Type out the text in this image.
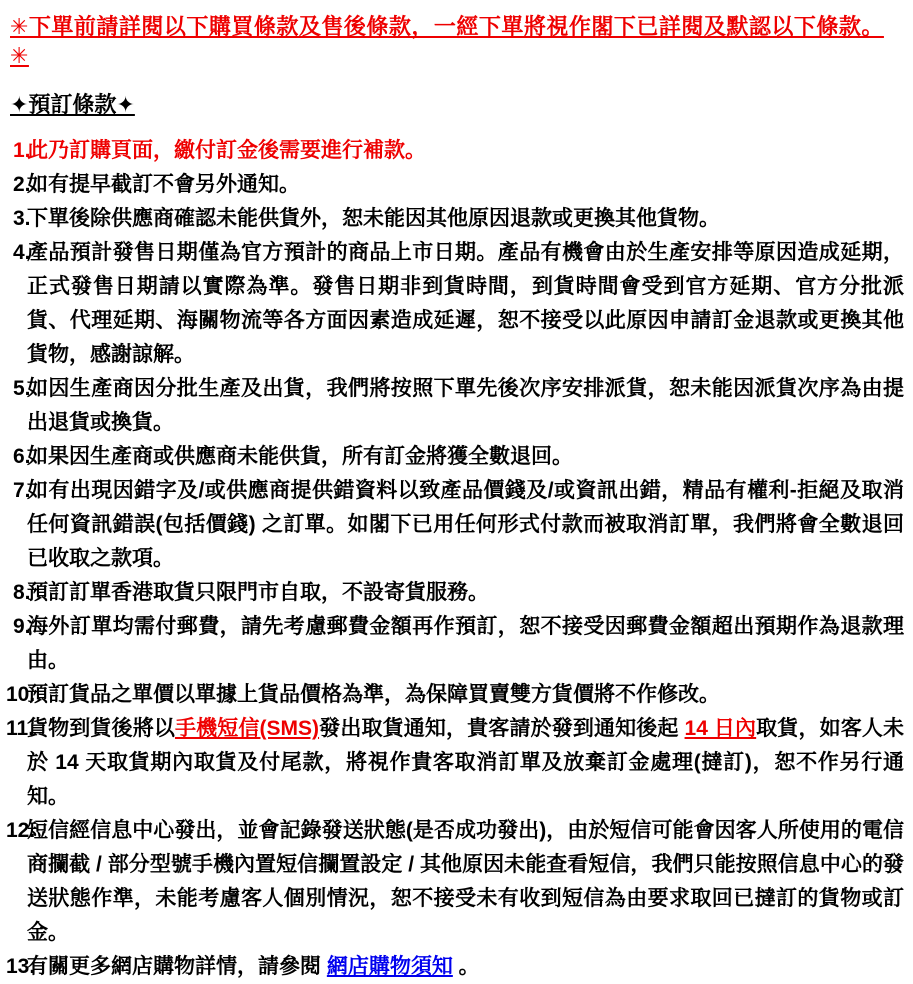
✳下單前請詳閱以下購買條款及售後條款，一經下單將視作閣下已詳閱及默認以下條款。 ✳
✦預訂條款✦
1.
此乃訂購頁面，繳付訂金後需要進行補款。
2.
如有提早截訂不會另外通知。
3.
下單後除供應商確認未能供貨外，恕未能因其他原因退款或更換其他貨物。
4.
產品預計發售日期僅為官方預計的商品上市日期。產品有機會由於生產安排等原因造成延期，正式發售日期請以實際為準。發售日期非到貨時間，到貨時間會受到官方延期、官方分批派貨、代理延期、海關物流等各方面因素造成延遲，恕不接受以此原因申請訂金退款或更換其他貨物，感謝諒解。
5.
如因生產商因分批生產及出貨，我們將按照下單先後次序安排派貨，恕未能因派貨次序為由提出退貨或換貨。
6.
如果因生產商或供應商未能供貨，所有訂金將獲全數退回。
7.
如有出現因錯字及/或供應商提供錯資料以致產品價錢及/或資訊出錯，精品有權利-拒絕及取消任何資訊錯誤(包括價錢) 之訂單。如閣下已用任何形式付款而被取消訂單，我們將會全數退回已收取之款項。
8.
預訂訂單香港取貨只限門市自取，不設寄貨服務。
9.
海外訂單均需付郵費，請先考慮郵費金額再作預訂，恕不接受因郵費金額超出預期作為退款理由。
10.
預訂貨品之單價以單據上貨品價格為準，為保障買賣雙方貨價將不作修改。
11.
貨物到貨後將以手機短信(SMS)發出取貨通知，貴客請於發到通知後起 14 日內取貨，如客人未於 14 天取貨期內取貨及付尾款，將視作貴客取消訂單及放棄訂金處理(撻訂)，恕不作另行通知。
12.
短信經信息中心發出，並會記錄發送狀態(是否成功發出)，由於短信可能會因客人所使用的電信商攔截 / 部分型號手機內置短信攔置設定 / 其他原因未能查看短信，我們只能按照信息中心的發送狀態作準，未能考慮客人個別情況，恕不接受未有收到短信為由要求取回已撻訂的貨物或訂金。
13.
有關更多網店購物詳情，請參閱 網店購物須知 。
